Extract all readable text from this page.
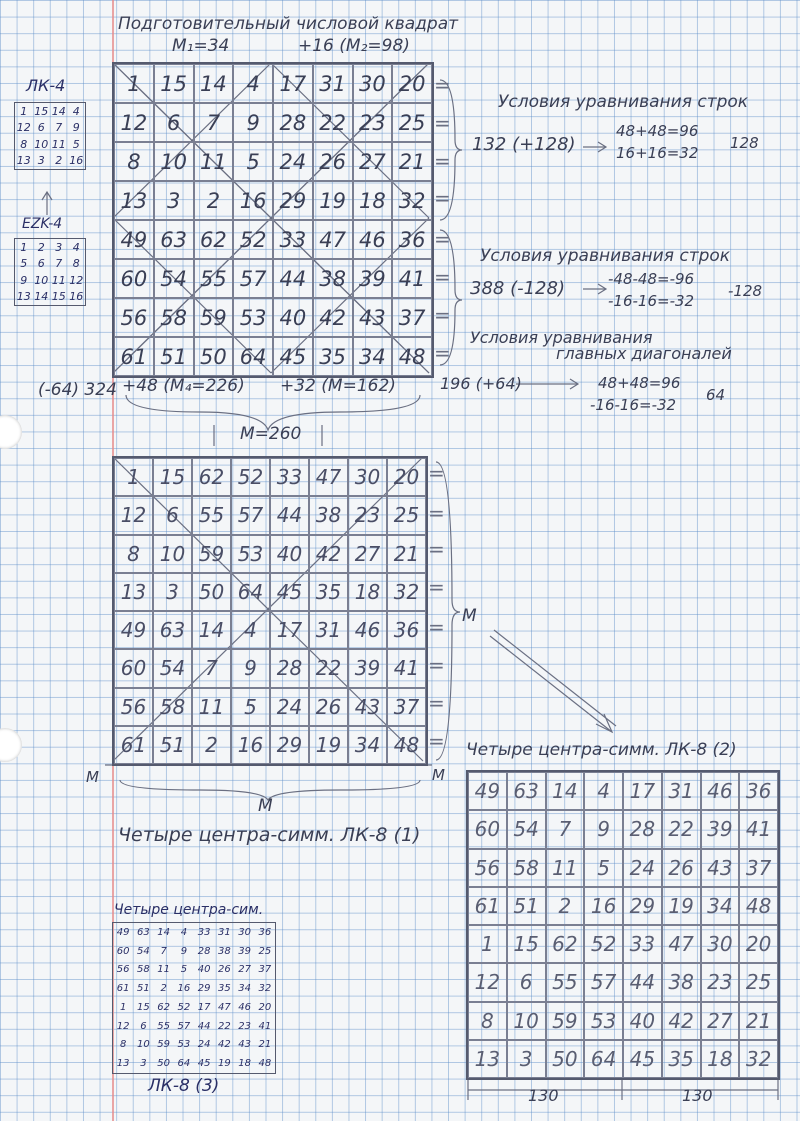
=
=
=
=
=
=
=
=
=
=
=
=
=
=
=
=
Подготовительный числовой квадрат
M₁=34	+16 (M₂=98)
ЛК-4
1 15 14 4
12 6 7 9
8 10 11 5
13 3 2 16
EZK-4
1 2 3 4
5 6 7 8
9 10 11 12
13 14 15 16
1 15 14 4 17 31 30 20
12 6	7	9 28 22 23 25
8 10 11 5 24 26 27 21
13 3	2 16 29 19 18 32
49 63 62 52 33 47 46 36
60 54 55 57 44 38 39 41
56 58 59 53 40 42 43 37
61 51 50 64 45 35 34 48
Условия уравнивания строк
132 (+128)
48+48=96
16+16=32
128
Условия уравнивания строк
388 (-128)	-48-48=-96
-16-16=-32
-128
Условия уравнивания
главных диагоналей
196 (+64)	48+48=96
-16-16=-32
64
(-64) 324 +48 (M₄=226) +32 (M=162)
M=260
1 15 62 52 33 47 30 20
12 6 55 57 44 38 23 25
8 10 59 53 40 42 27 21
13 3 50 64 45 35 18 32
49 63 14 4 17 31 46 36
60 54 7	9 28 22 39 41
56 58 11 5 24 26 43 37
61 51 2 16 29 19 34 48
M
M
M	M
Четыре центра-симм. ЛК-8 (1)
Четыре центра-симм. ЛК-8 (2)
49 63 14 4 17 31 46 36
60 54 7	9 28 22 39 41
56 58 11 5 24 26 43 37
61 51 2 16 29 19 34 48
1 15 62 52 33 47 30 20
12 6 55 57 44 38 23 25
8 10 59 53 40 42 27 21
13 3 50 64 45 35 18 32
130	130
Четыре центра-сим.
49 63 14	4	33 31 30 36
60 54	7	9	28 38 39 25
56 58 11	5	40 26 27 37
61 51	2	16 29 35 34 32
1	15 62 52 17 47 46 20
12	6	55 57 44 22 23 41
8	10 59 53 24 42 43 21
13	3	50 64 45 19 18 48
ЛК-8 (3)
